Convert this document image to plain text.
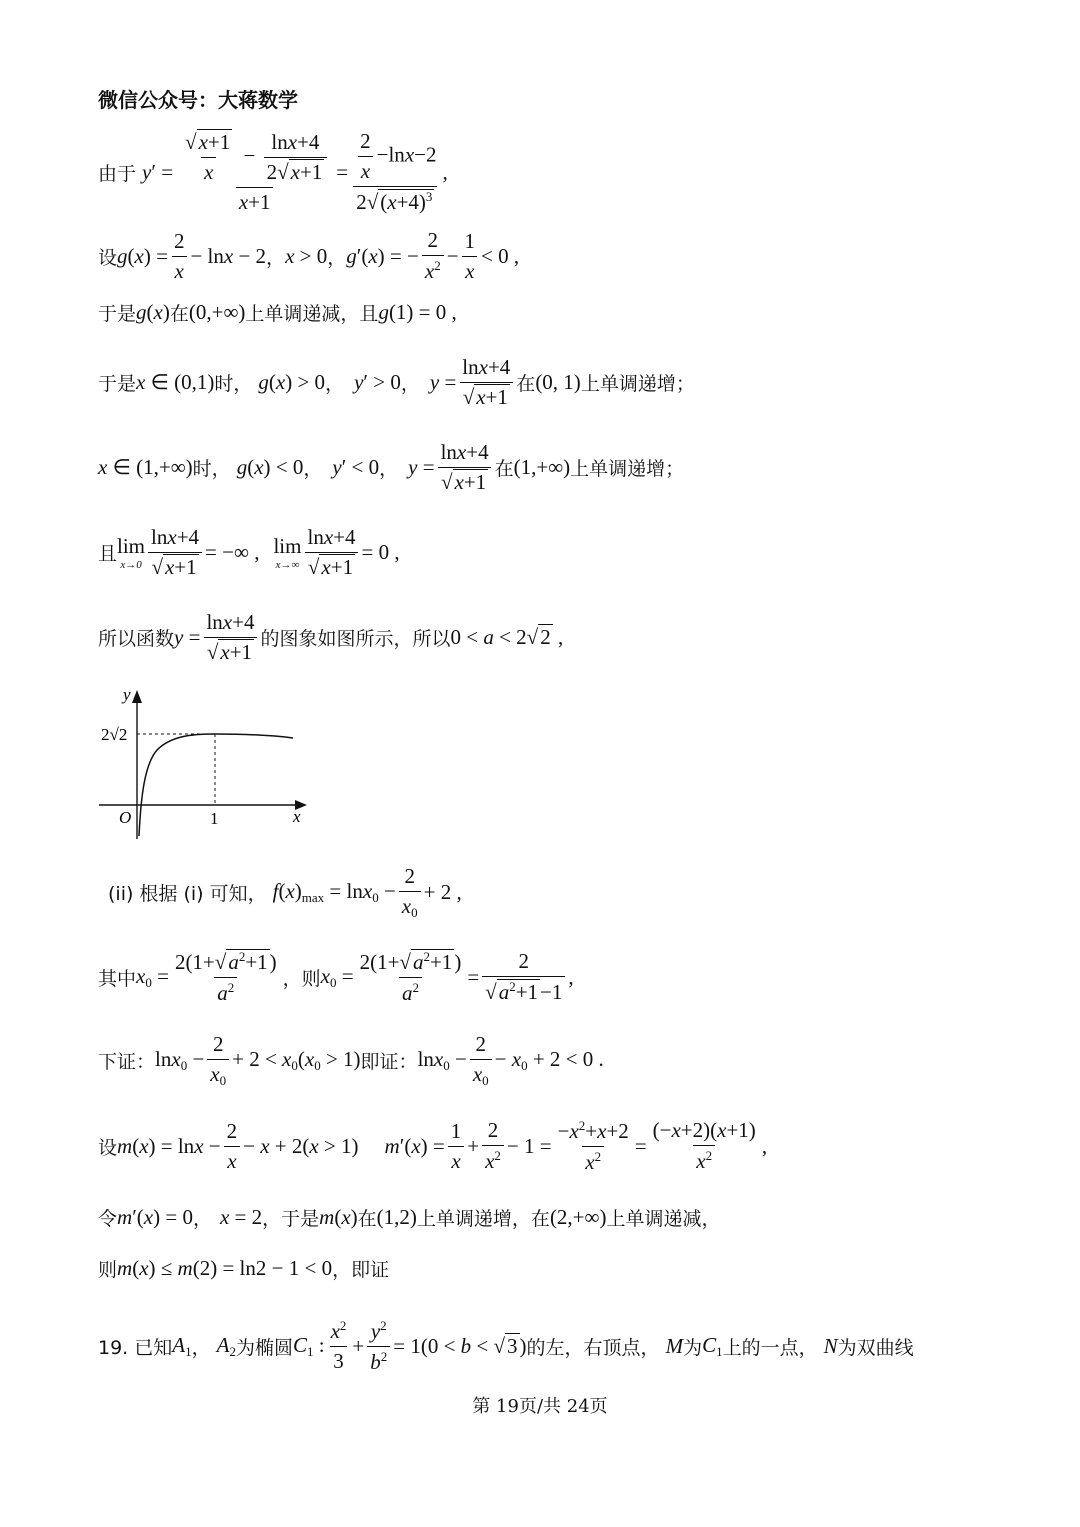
微信公众号：大蒋数学
由于 $y' = \frac{\frac{√x+1}{x} - \frac{\ln x+4}{2√x+1}}{x+1} = \frac{\frac{2}{x} -\ln x-2}{2√(x+4)^3}$ ,
设 $g(x) = \frac{2}{x} - \ln x - 2$ ， x > 0 ， g′(x) = − $\frac{2}{x^2} - \frac{1}{x} < 0$ ,
于是 g(x) 在 (0,+∞) 上单调递减，且 g(1) = 0 ,
于是 x ∈ (0,1) 时， g(x) > 0 ， y′ > 0 ， $y = \frac{\ln x+4}{√x+1}$ 在 (0, 1) 上单调递增；
x ∈ (1,+∞) 时， g(x) < 0 ， y′ < 0 ， $y = \frac{\ln x+4}{√x+1}$ 在 (1,+∞) 上单调递增；
且 lim
$x\to 0 \frac{\ln x+4}{√x+1}$ = −∞ , lim
$x\to\infty \frac{\ln x+4}{√x+1} = 0$ ,
所以函数 $y = \frac{\ln x+4}{√x+1}$ 的图象如图所示，所以 0 < a < 2√2 ,
y
x
O
2√2
1
(ii) 根据 (i) 可知， $f(x)_{max} = \ln x_0 - \frac{2}{x_0} + 2$ ,
其中 $x_0 = \frac{2(1+√a^2+1)}{a^2}$ ，则 $x_0 = \frac{2(1+√a^2+1)}{a^2} = \frac{2}{√a^2+1-1}$ ,
下证： $\ln x_0 - \frac{2}{x_0} + 2 < x_0(x_0 > 1)$ 即证： $\ln x_0 - \frac{2}{x_0} - x_0 + 2 < 0$ .
设 $m(x) = \ln x - \frac{2}{x} - x + 2(x > 1) m'(x) = \frac{1}{x} + \frac{2}{x^2} - 1 = \frac{-x^2+x+2}{x^2} = \frac{(-x+2)(x+1)}{x^2}$ ,
令 m′(x) = 0 ， x = 2 ，于是 m(x) 在 (1,2) 上单调递增，在 (2,+∞) 上单调递减，
则 m(x) ≤ m(2) = ln2 − 1 < 0 ，即证
19. 已知 $A_1$ ， $A_2$ 为椭圆 $C_1$ : $\frac{x^2}{3} + \frac{y^2}{b^2} = 1(0 < b < √3)$ 的左，右顶点， M 为 $C_1$ 上的一点， N 为双曲线
第 19页/共 24页
